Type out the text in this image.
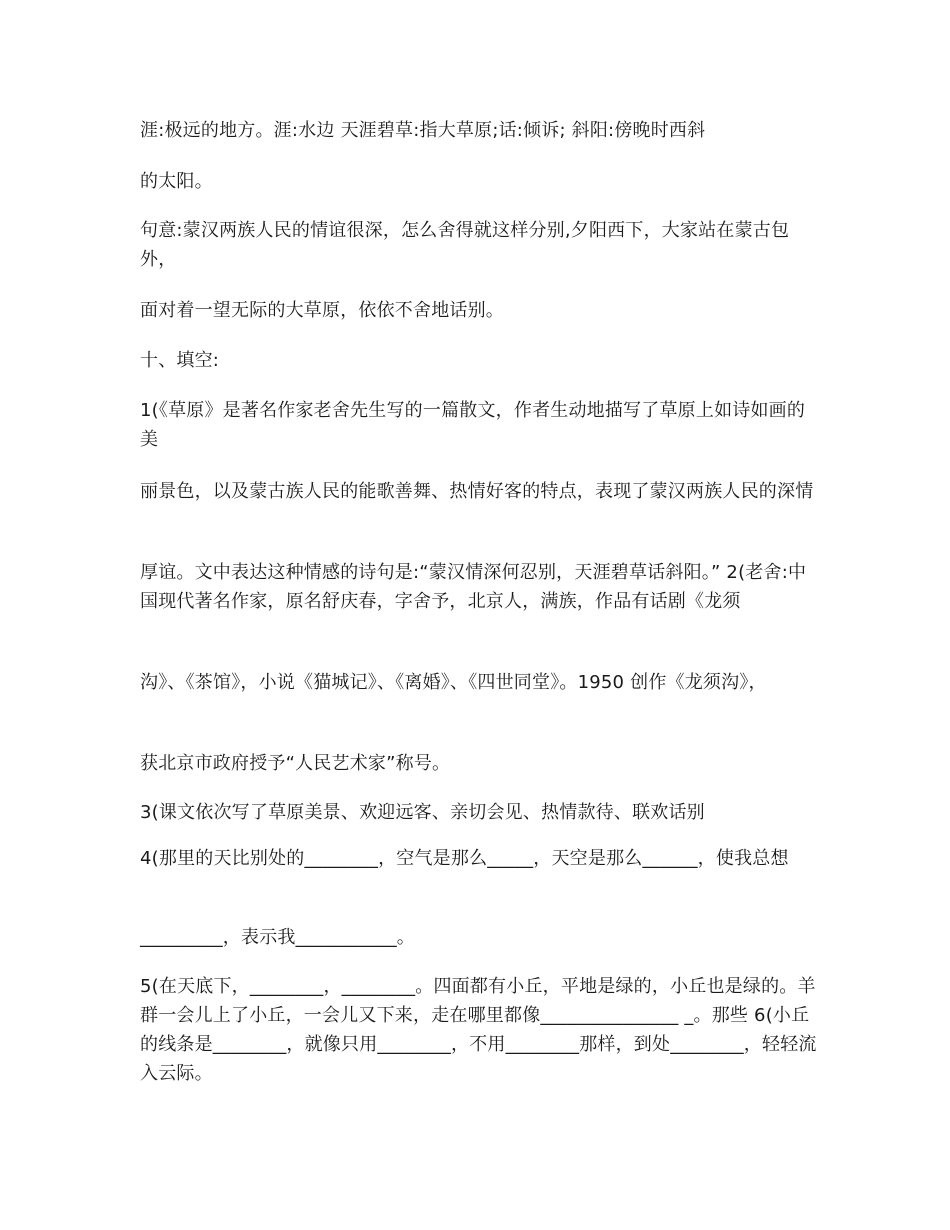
涯:极远的地方。涯:水边 天涯碧草:指大草原;话:倾诉; 斜阳:傍晚时西斜

的太阳。

句意:蒙汉两族人民的情谊很深，怎么舍得就这样分别,夕阳西下，大家站在蒙古包外，

面对着一望无际的大草原，依依不舍地话别。

十、填空:

1(《草原》是著名作家老舍先生写的一篇散文，作者生动地描写了草原上如诗如画的美

丽景色，以及蒙古族人民的能歌善舞、热情好客的特点，表现了蒙汉两族人民的深情

厚谊。文中表达这种情感的诗句是:“蒙汉情深何忍别，天涯碧草话斜阳。” 2(老舍:中国现代著名作家，原名舒庆春，字舍予，北京人，满族，作品有话剧《龙须

沟》、《茶馆》，小说《猫城记》、《离婚》、《四世同堂》。1950 创作《龙须沟》，

获北京市政府授予“人民艺术家”称号。

3(课文依次写了草原美景、欢迎远客、亲切会见、热情款待、联欢话别

4(那里的天比别处的________，空气是那么_____，天空是那么______，使我总想

_________，表示我___________。

5(在天底下，________，________。四面都有小丘，平地是绿的，小丘也是绿的。羊群一会儿上了小丘，一会儿又下来，走在哪里都像_______________ _。那些 6(小丘的线条是________，就像只用________，不用________那样，到处________，轻轻流入云际。
